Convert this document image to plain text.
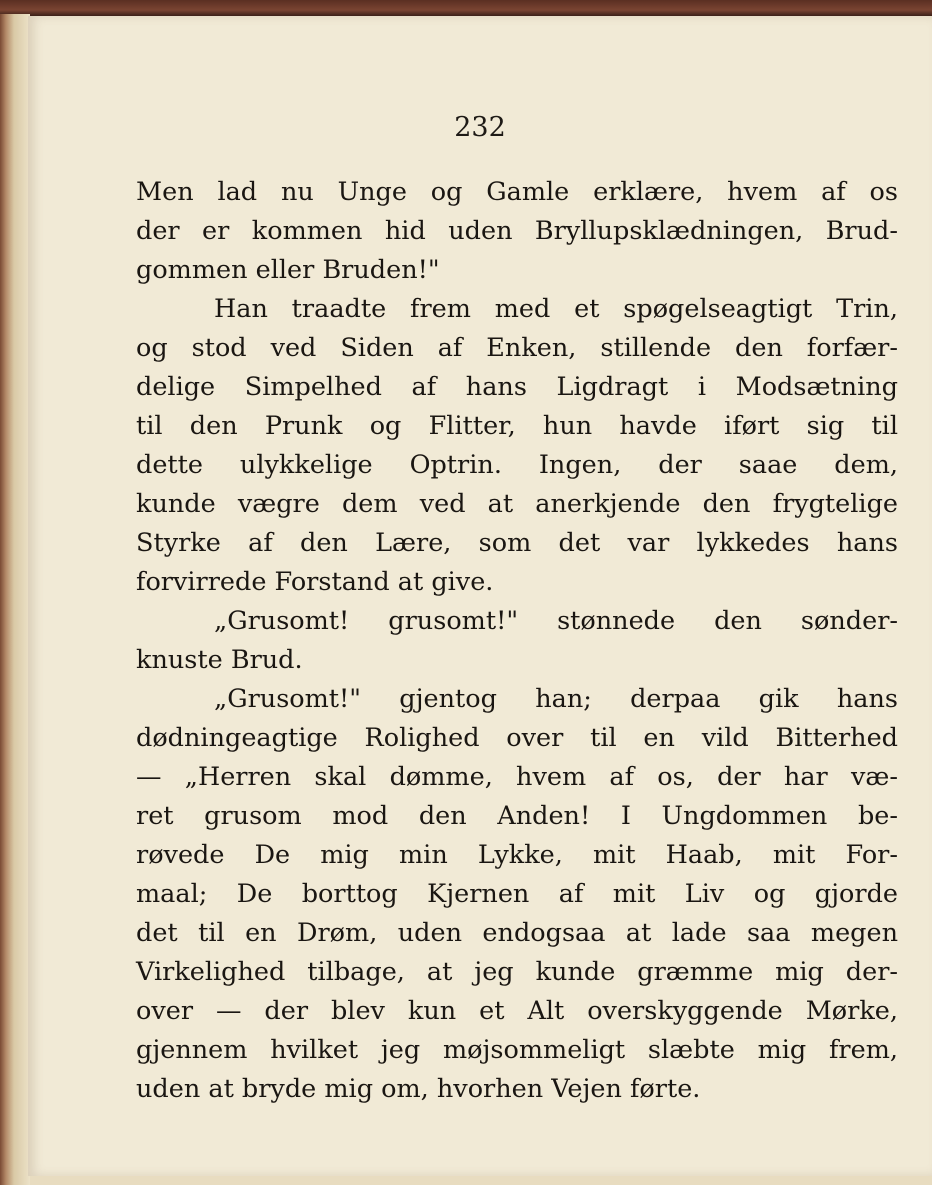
232
Men lad nu Unge og Gamle erklære, hvem af os
der er kommen hid uden Bryllupsklædningen, Brud-
gommen eller Bruden!"
Han traadte frem med et spøgelseagtigt Trin,
og stod ved Siden af Enken, stillende den forfær-
delige Simpelhed af hans Ligdragt i Modsætning
til den Prunk og Flitter, hun havde iført sig til
dette ulykkelige Optrin. Ingen, der saae dem,
kunde vægre dem ved at anerkjende den frygtelige
Styrke af den Lære, som det var lykkedes hans
forvirrede Forstand at give.
„Grusomt! grusomt!" stønnede den sønder-
knuste Brud.
„Grusomt!" gjentog han; derpaa gik hans
dødningeagtige Rolighed over til en vild Bitterhed
— „Herren skal dømme, hvem af os, der har væ-
ret grusom mod den Anden! I Ungdommen be-
røvede De mig min Lykke, mit Haab, mit For-
maal; De borttog Kjernen af mit Liv og gjorde
det til en Drøm, uden endogsaa at lade saa megen
Virkelighed tilbage, at jeg kunde græmme mig der-
over — der blev kun et Alt overskyggende Mørke,
gjennem hvilket jeg møjsommeligt slæbte mig frem,
uden at bryde mig om, hvorhen Vejen førte.
